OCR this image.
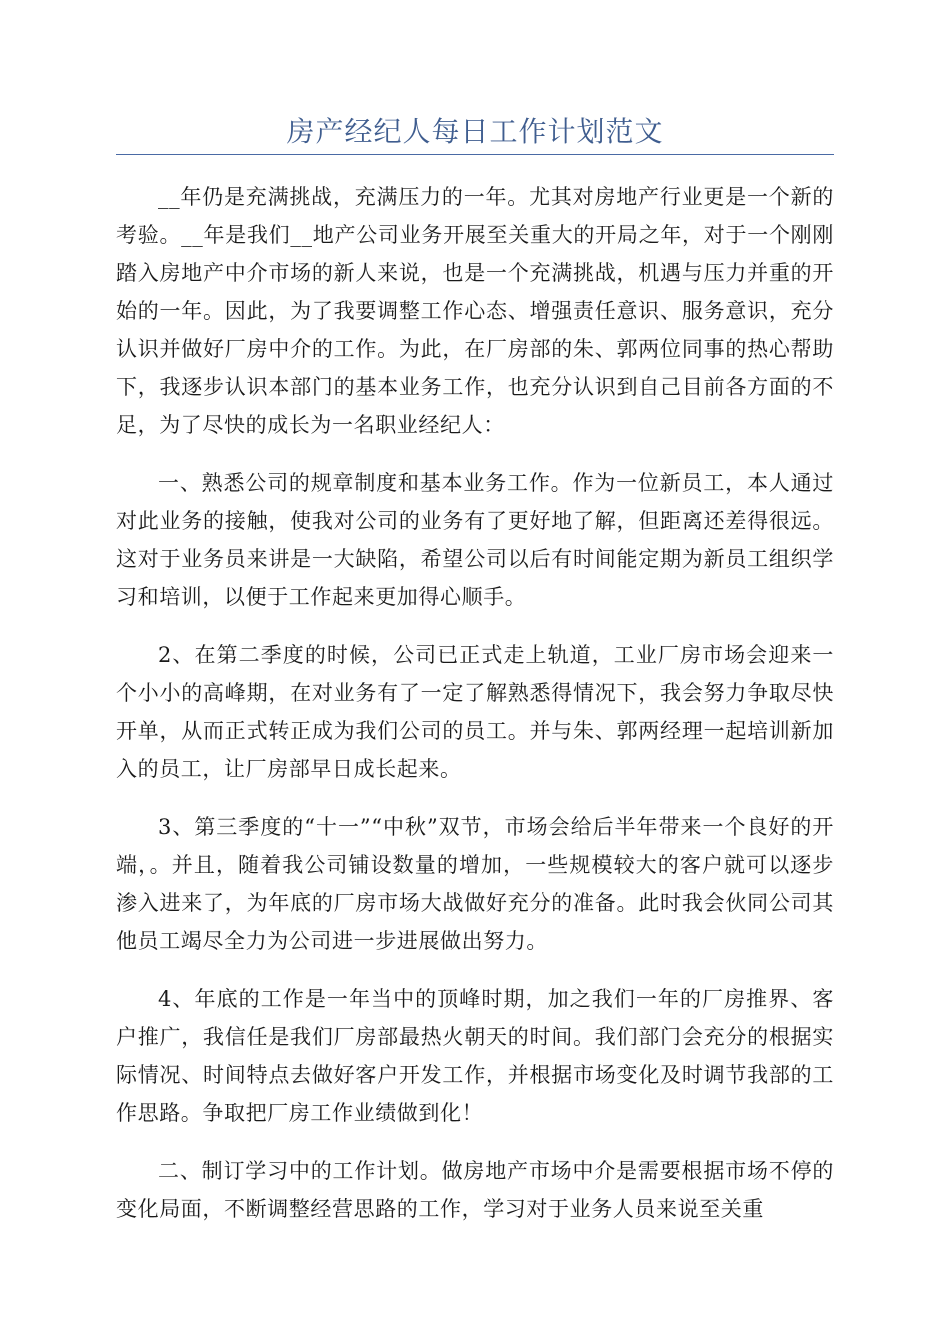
房产经纪人每日工作计划范文

__年仍是充满挑战，充满压力的一年。尤其对房地产行业更是一个新的考验。__年是我们__地产公司业务开展至关重大的开局之年，对于一个刚刚踏入房地产中介市场的新人来说，也是一个充满挑战，机遇与压力并重的开始的一年。因此，为了我要调整工作心态、增强责任意识、服务意识，充分认识并做好厂房中介的工作。为此，在厂房部的朱、郭两位同事的热心帮助下，我逐步认识本部门的基本业务工作，也充分认识到自己目前各方面的不足，为了尽快的成长为一名职业经纪人：

一、熟悉公司的规章制度和基本业务工作。作为一位新员工，本人通过对此业务的接触，使我对公司的业务有了更好地了解，但距离还差得很远。这对于业务员来讲是一大缺陷，希望公司以后有时间能定期为新员工组织学习和培训，以便于工作起来更加得心顺手。

2、在第二季度的时候，公司已正式走上轨道，工业厂房市场会迎来一个小小的高峰期，在对业务有了一定了解熟悉得情况下，我会努力争取尽快开单，从而正式转正成为我们公司的员工。并与朱、郭两经理一起培训新加入的员工，让厂房部早日成长起来。

3、第三季度的“十一”“中秋”双节，市场会给后半年带来一个良好的开端，。并且，随着我公司铺设数量的增加，一些规模较大的客户就可以逐步渗入进来了，为年底的厂房市场大战做好充分的准备。此时我会伙同公司其他员工竭尽全力为公司进一步进展做出努力。

4、年底的工作是一年当中的顶峰时期，加之我们一年的厂房推界、客户推广，我信任是我们厂房部最热火朝天的时间。我们部门会充分的根据实际情况、时间特点去做好客户开发工作，并根据市场变化及时调节我部的工作思路。争取把厂房工作业绩做到化！

二、制订学习中的工作计划。做房地产市场中介是需要根据市场不停的变化局面，不断调整经营思路的工作，学习对于业务人员来说至关重
